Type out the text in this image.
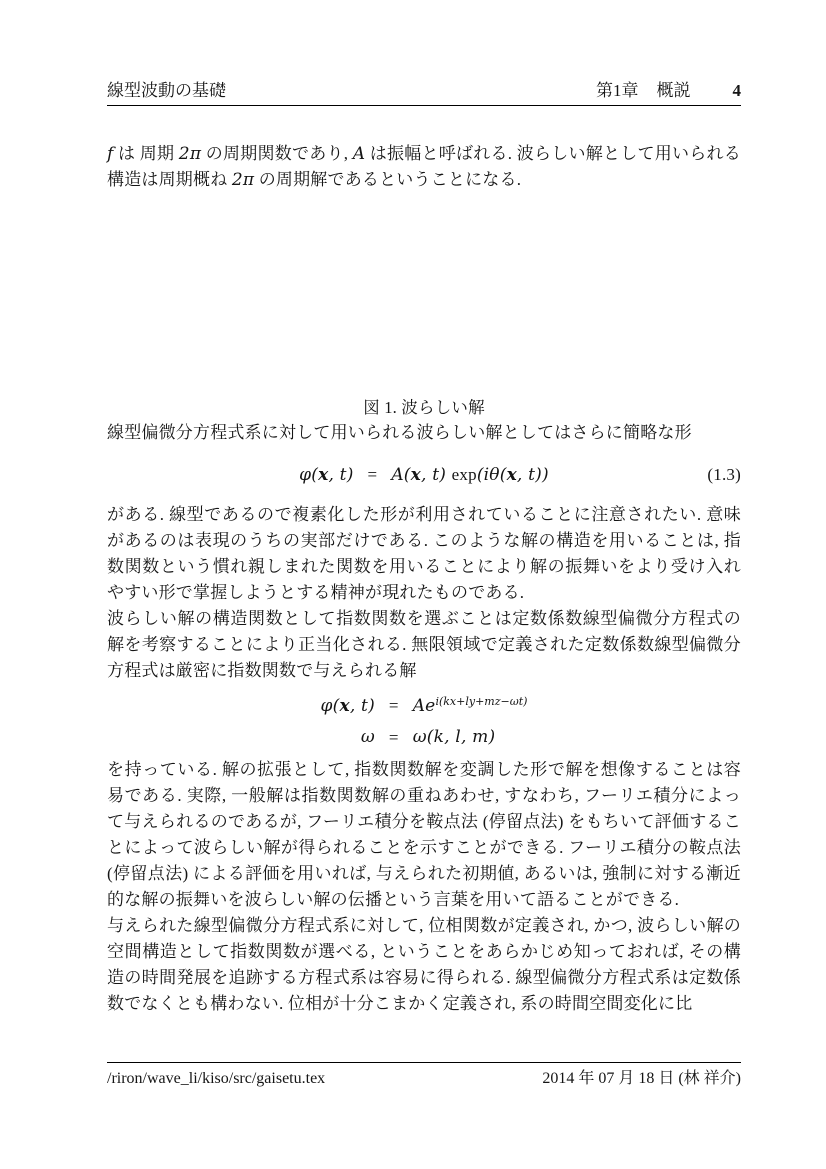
線型波動の基礎	第1章 概説 4

f は 周期 2π の周期関数であり, A は振幅と呼ばれる. 波らしい解として用いられる構造は周期概ね 2π の周期解であるということになる.

図 1. 波らしい解

線型偏微分方程式系に対して用いられる波らしい解としてはさらに簡略な形

φ(x, t) = A(x, t) exp(iθ(x, t))	(1.3)

がある. 線型であるので複素化した形が利用されていることに注意されたい. 意味があるのは表現のうちの実部だけである. このような解の構造を用いることは, 指数関数という慣れ親しまれた関数を用いることにより解の振舞いをより受け入れやすい形で掌握しようとする精神が現れたものである.

波らしい解の構造関数として指数関数を選ぶことは定数係数線型偏微分方程式の解を考察することにより正当化される. 無限領域で定義された定数係数線型偏微分方程式は厳密に指数関数で与えられる解

φ(x, $t) = Ae^{i(kx+ly+mz-\omega t)}$
ω = ω(k, l, m)

を持っている. 解の拡張として, 指数関数解を変調した形で解を想像することは容易である. 実際, 一般解は指数関数解の重ねあわせ, すなわち, フーリエ積分によって与えられるのであるが, フーリエ積分を鞍点法 (停留点法) をもちいて評価することによって波らしい解が得られることを示すことができる. フーリエ積分の鞍点法 (停留点法) による評価を用いれば, 与えられた初期値, あるいは, 強制に対する漸近的な解の振舞いを波らしい解の伝播という言葉を用いて語ることができる.

与えられた線型偏微分方程式系に対して, 位相関数が定義され, かつ, 波らしい解の空間構造として指数関数が選べる, ということをあらかじめ知っておれば, その構造の時間発展を追跡する方程式系は容易に得られる. 線型偏微分方程式系は定数係数でなくとも構わない. 位相が十分こまかく定義され, 系の時間空間変化に比

/riron/wave_li/kiso/src/gaisetu.tex	2014 年 07 月 18 日 (林 祥介)
